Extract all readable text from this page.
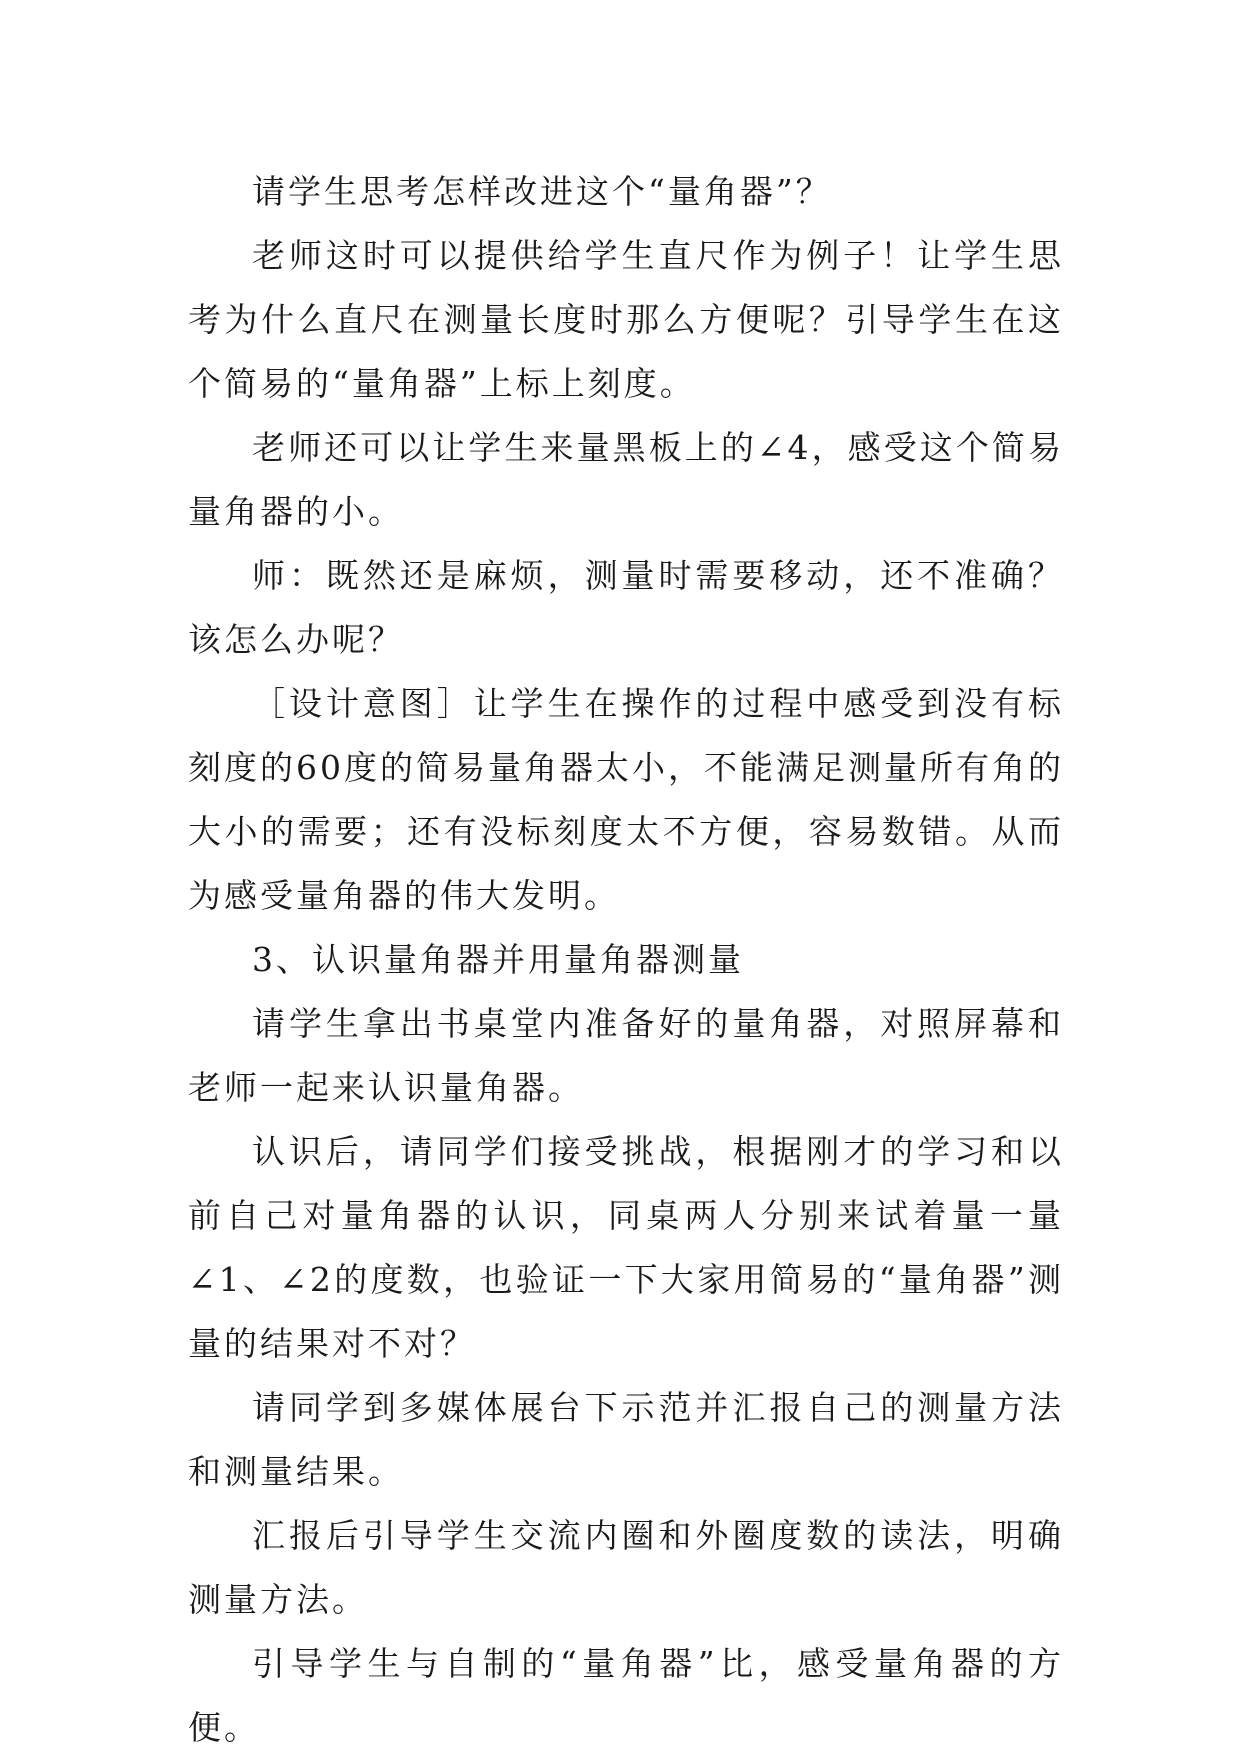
请学生思考怎样改进这个“量角器”？

老师这时可以提供给学生直尺作为例子！让学生思考为什么直尺在测量长度时那么方便呢？引导学生在这个简易的“量角器”上标上刻度。

老师还可以让学生来量黑板上的∠4，感受这个简易量角器的小。

师：既然还是麻烦，测量时需要移动，还不准确？该怎么办呢？

［设计意图］让学生在操作的过程中感受到没有标刻度的60度的简易量角器太小，不能满足测量所有角的大小的需要；还有没标刻度太不方便，容易数错。从而为感受量角器的伟大发明。

3、认识量角器并用量角器测量

请学生拿出书桌堂内准备好的量角器，对照屏幕和老师一起来认识量角器。

认识后，请同学们接受挑战，根据刚才的学习和以前自己对量角器的认识，同桌两人分别来试着量一量∠1、∠2的度数，也验证一下大家用简易的“量角器”测量的结果对不对？

请同学到多媒体展台下示范并汇报自己的测量方法和测量结果。

汇报后引导学生交流内圈和外圈度数的读法，明确测量方法。

引导学生与自制的“量角器”比，感受量角器的方便。
